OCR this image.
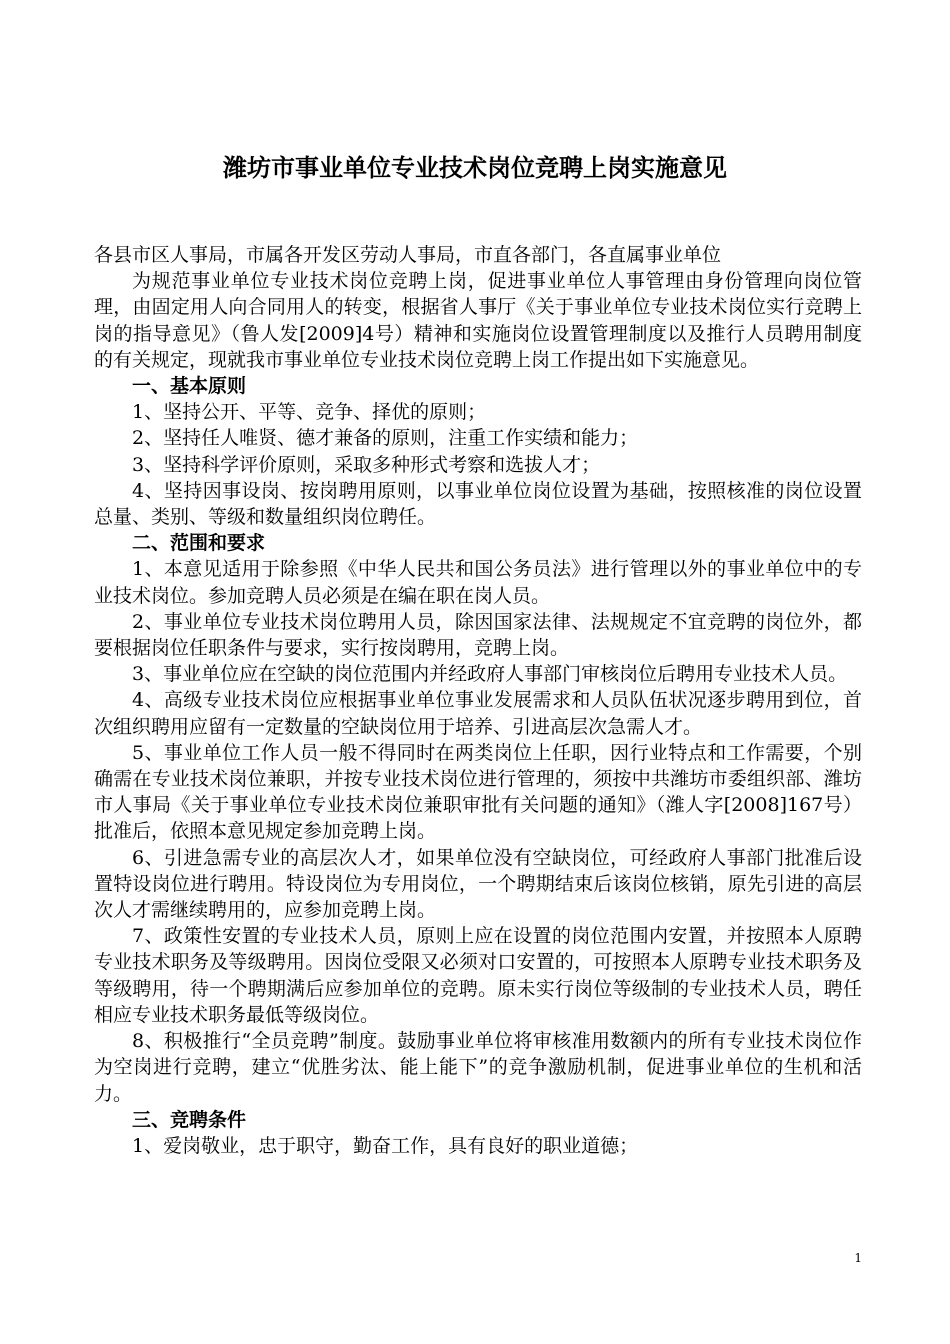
潍坊市事业单位专业技术岗位竞聘上岗实施意见

各县市区人事局，市属各开发区劳动人事局，市直各部门，各直属事业单位

为规范事业单位专业技术岗位竞聘上岗，促进事业单位人事管理由身份管理向岗位管理，由固定用人向合同用人的转变，根据省人事厅《关于事业单位专业技术岗位实行竞聘上岗的指导意见》（鲁人发[2009]4号）精神和实施岗位设置管理制度以及推行人员聘用制度的有关规定，现就我市事业单位专业技术岗位竞聘上岗工作提出如下实施意见。

一、基本原则

1、坚持公开、平等、竞争、择优的原则；

2、坚持任人唯贤、德才兼备的原则，注重工作实绩和能力；

3、坚持科学评价原则，采取多种形式考察和选拔人才；

4、坚持因事设岗、按岗聘用原则，以事业单位岗位设置为基础，按照核准的岗位设置总量、类别、等级和数量组织岗位聘任。

二、范围和要求

1、本意见适用于除参照《中华人民共和国公务员法》进行管理以外的事业单位中的专业技术岗位。参加竞聘人员必须是在编在职在岗人员。

2、事业单位专业技术岗位聘用人员，除因国家法律、法规规定不宜竞聘的岗位外，都要根据岗位任职条件与要求，实行按岗聘用，竞聘上岗。

3、事业单位应在空缺的岗位范围内并经政府人事部门审核岗位后聘用专业技术人员。

4、高级专业技术岗位应根据事业单位事业发展需求和人员队伍状况逐步聘用到位，首次组织聘用应留有一定数量的空缺岗位用于培养、引进高层次急需人才。

5、事业单位工作人员一般不得同时在两类岗位上任职，因行业特点和工作需要，个别确需在专业技术岗位兼职，并按专业技术岗位进行管理的，须按中共潍坊市委组织部、潍坊市人事局《关于事业单位专业技术岗位兼职审批有关问题的通知》（潍人字[2008]167号）批准后，依照本意见规定参加竞聘上岗。

6、引进急需专业的高层次人才，如果单位没有空缺岗位，可经政府人事部门批准后设置特设岗位进行聘用。特设岗位为专用岗位，一个聘期结束后该岗位核销，原先引进的高层次人才需继续聘用的，应参加竞聘上岗。

7、政策性安置的专业技术人员，原则上应在设置的岗位范围内安置，并按照本人原聘专业技术职务及等级聘用。因岗位受限又必须对口安置的，可按照本人原聘专业技术职务及等级聘用，待一个聘期满后应参加单位的竞聘。原未实行岗位等级制的专业技术人员，聘任相应专业技术职务最低等级岗位。

8、积极推行“全员竞聘”制度。鼓励事业单位将审核准用数额内的所有专业技术岗位作为空岗进行竞聘，建立“优胜劣汰、能上能下”的竞争激励机制，促进事业单位的生机和活力。

三、竞聘条件

1、爱岗敬业，忠于职守，勤奋工作，具有良好的职业道德；

1
